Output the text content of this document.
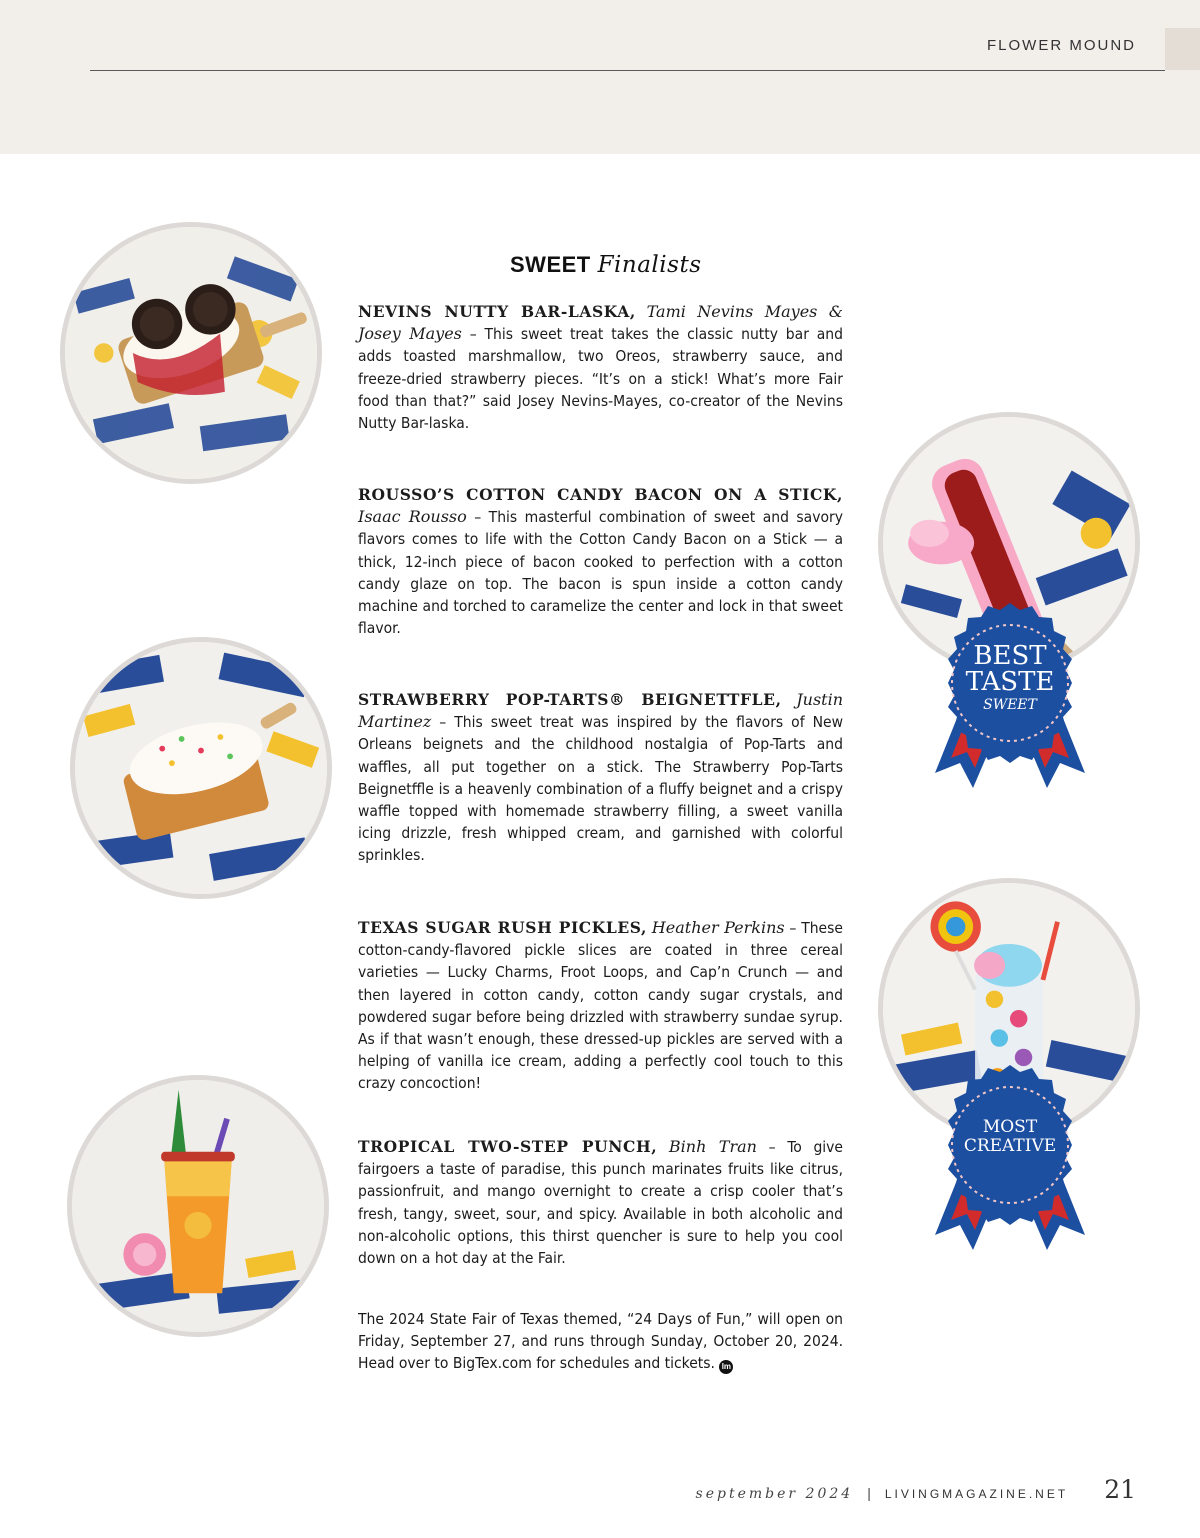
FLOWER MOUND
SWEET Finalists
NEVINS NUTTY BAR-LASKA, Tami Nevins Mayes & Josey Mayes – This sweet treat takes the classic nutty bar and adds toasted marshmallow, two Oreos, strawberry sauce, and freeze-dried strawberry pieces. “It’s on a stick! What’s more Fair food than that?” said Josey Nevins-Mayes, co-creator of the Nevins Nutty Bar-laska.
ROUSSO’S COTTON CANDY BACON ON A STICK, Isaac Rousso – This masterful combination of sweet and savory flavors comes to life with the Cotton Candy Bacon on a Stick — a thick, 12-inch piece of bacon cooked to perfection with a cotton candy glaze on top. The bacon is spun inside a cotton candy machine and torched to caramelize the center and lock in that sweet flavor.
STRAWBERRY POP-TARTS® BEIGNETTFLE, Justin Martinez – This sweet treat was inspired by the flavors of New Orleans beignets and the childhood nostalgia of Pop-Tarts and waffles, all put together on a stick. The Strawberry Pop-Tarts Beignetffle is a heavenly combination of a fluffy beignet and a crispy waffle topped with homemade strawberry filling, a sweet vanilla icing drizzle, fresh whipped cream, and garnished with colorful sprinkles.
TEXAS SUGAR RUSH PICKLES, Heather Perkins – These cotton-candy-flavored pickle slices are coated in three cereal varieties — Lucky Charms, Froot Loops, and Cap’n Crunch — and then layered in cotton candy, cotton candy sugar crystals, and powdered sugar before being drizzled with strawberry sundae syrup. As if that wasn’t enough, these dressed-up pickles are served with a helping of vanilla ice cream, adding a perfectly cool touch to this crazy concoction!
TROPICAL TWO-STEP PUNCH, Binh Tran – To give fairgoers a taste of paradise, this punch marinates fruits like citrus, passionfruit, and mango overnight to create a crisp cooler that’s fresh, tangy, sweet, sour, and spicy. Available in both alcoholic and non-alcoholic options, this thirst quencher is sure to help you cool down on a hot day at the Fair.
The 2024 State Fair of Texas themed, “24 Days of Fun,” will open on Friday, September 27, and runs through Sunday, October 20, 2024. Head over to BigTex.com for schedules and tickets. lm
BEST
TASTE
SWEET
MOST
CREATIVE
september 2024 | LIVINGMAGAZINE.NET 21
